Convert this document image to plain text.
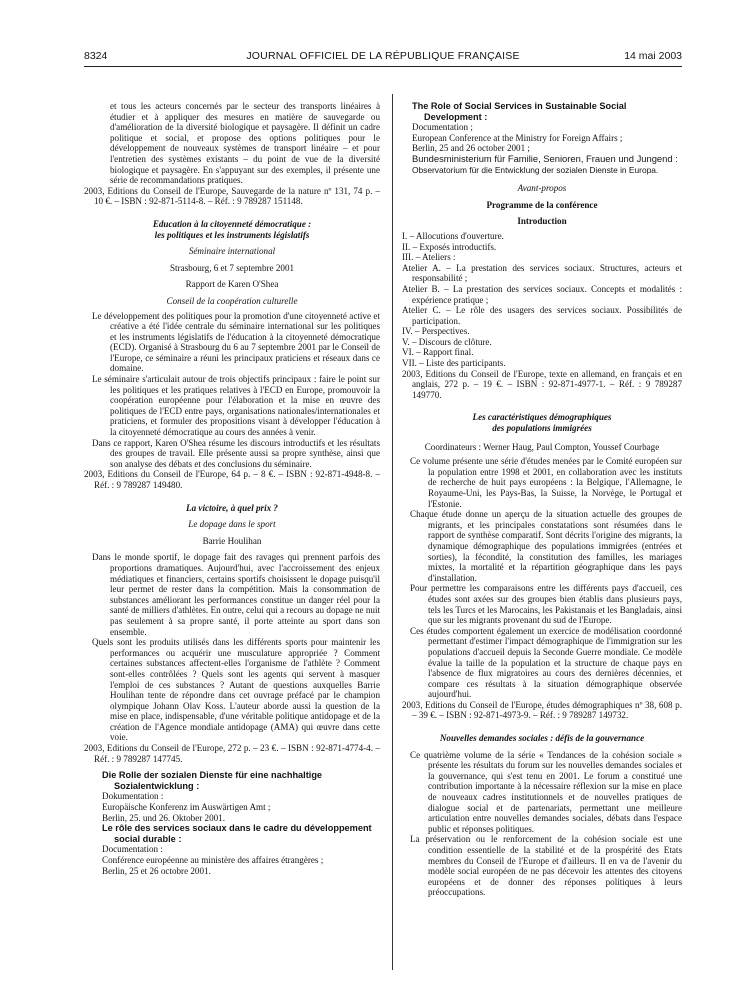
8324	JOURNAL OFFICIEL DE LA RÉPUBLIQUE FRANÇAISE	14 mai 2003

et tous les acteurs concernés par le secteur des transports linéaires à étudier et à appliquer des mesures en matière de sauvegarde ou d'amélioration de la diversité biologique et paysagère. Il définit un cadre politique et social, et propose des options politiques pour le développement de nouveaux systèmes de transport linéaire – et pour l'entretien des systèmes existants – du point de vue de la diversité biologique et paysagère. En s'appuyant sur des exemples, il présente une série de recommandations pratiques.

2003, Editions du Conseil de l'Europe, Sauvegarde de la nature nº 131, 74 p. – 10 €. – ISBN : 92-871-5114-8. – Réf. : 9 789287 151148.

Education à la citoyenneté démocratique :

les politiques et les instruments législatifs

Séminaire international

Strasbourg, 6 et 7 septembre 2001

Rapport de Karen O'Shea

Conseil de la coopération culturelle

Le développement des politiques pour la promotion d'une citoyenneté active et créative a été l'idée centrale du séminaire international sur les politiques et les instruments législatifs de l'éducation à la citoyenneté démocratique (ECD). Organisé à Strasbourg du 6 au 7 septembre 2001 par le Conseil de l'Europe, ce séminaire a réuni les principaux praticiens et réseaux dans ce domaine.

Le séminaire s'articulait autour de trois objectifs principaux : faire le point sur les politiques et les pratiques relatives à l'ECD en Europe, promouvoir la coopération européenne pour l'élaboration et la mise en œuvre des politiques de l'ECD entre pays, organisations nationales/internationales et praticiens, et formuler des propositions visant à développer l'éducation à la citoyenneté démocratique au cours des années à venir.

Dans ce rapport, Karen O'Shea résume les discours introductifs et les résultats des groupes de travail. Elle présente aussi sa propre synthèse, ainsi que son analyse des débats et des conclusions du séminaire.

2003, Editions du Conseil de l'Europe, 64 p. – 8 €. – ISBN : 92-871-4948-8. – Réf. : 9 789287 149480.

La victoire, à quel prix ?

Le dopage dans le sport

Barrie Houlihan

Dans le monde sportif, le dopage fait des ravages qui prennent parfois des proportions dramatiques. Aujourd'hui, avec l'accroissement des enjeux médiatiques et financiers, certains sportifs choisissent le dopage puisqu'il leur permet de rester dans la compétition. Mais la consommation de substances améliorant les performances constitue un danger réel pour la santé de milliers d'athlètes. En outre, celui qui a recours au dopage ne nuit pas seulement à sa propre santé, il porte atteinte au sport dans son ensemble.

Quels sont les produits utilisés dans les différents sports pour maintenir les performances ou acquérir une musculature appropriée ? Comment certaines substances affectent-elles l'organisme de l'athlète ? Comment sont-elles contrôlées ? Quels sont les agents qui servent à masquer l'emploi de ces substances ? Autant de questions auxquelles Barrie Houlihan tente de répondre dans cet ouvrage préfacé par le champion olympique Johann Olav Koss. L'auteur aborde aussi la question de la mise en place, indispensable, d'une véritable politique antidopage et de la création de l'Agence mondiale antidopage (AMA) qui œuvre dans cette voie.

2003, Editions du Conseil de l'Europe, 272 p. – 23 €. – ISBN : 92-871-4774-4. – Réf. : 9 789287 147745.

Die Rolle der sozialen Dienste für eine nachhaltige Sozialentwicklung :

Dokumentation :

Europäische Konferenz im Auswärtigen Amt ;

Berlin, 25. und 26. Oktober 2001.

Le rôle des services sociaux dans le cadre du développement social durable :

Documentation :

Conférence européenne au ministère des affaires étrangères ;

Berlin, 25 et 26 octobre 2001.

The Role of Social Services in Sustainable Social Development :

Documentation ;

European Conference at the Ministry for Foreign Affairs ;

Berlin, 25 and 26 october 2001 ;

Bundesministerium für Familie, Senioren, Frauen und Jungend :

Observatorium für die Entwicklung der sozialen Dienste in Europa.

Avant-propos

Programme de la conférence

Introduction

I. – Allocutions d'ouverture.

II. – Exposés introductifs.

III. – Ateliers :

Atelier A. – La prestation des services sociaux. Structures, acteurs et responsabilité ;

Atelier B. – La prestation des services sociaux. Concepts et modalités : expérience pratique ;

Atelier C. – Le rôle des usagers des services sociaux. Possibilités de participation.

IV. – Perspectives.

V. – Discours de clôture.

VI. – Rapport final.

VII. – Liste des participants.

2003, Editions du Conseil de l'Europe, texte en allemand, en français et en anglais, 272 p. – 19 €. – ISBN : 92-871-4977-1. – Réf. : 9 789287 149770.

Les caractéristiques démographiques

des populations immigrées

Coordinateurs : Werner Haug, Paul Compton, Youssef Courbage

Ce volume présente une série d'études menées par le Comité européen sur la population entre 1998 et 2001, en collaboration avec les instituts de recherche de huit pays européens : la Belgique, l'Allemagne, le Royaume-Uni, les Pays-Bas, la Suisse, la Norvège, le Portugal et l'Estonie.

Chaque étude donne un aperçu de la situation actuelle des groupes de migrants, et les principales constatations sont résumées dans le rapport de synthèse comparatif. Sont décrits l'origine des migrants, la dynamique démographique des populations immigrées (entrées et sorties), la fécondité, la constitution des familles, les mariages mixtes, la mortalité et la répartition géographique dans les pays d'installation.

Pour permettre les comparaisons entre les différents pays d'accueil, ces études sont axées sur des groupes bien établis dans plusieurs pays, tels les Turcs et les Marocains, les Pakistanais et les Bangladais, ainsi que sur les migrants provenant du sud de l'Europe.

Ces études comportent également un exercice de modélisation coordonné permettant d'estimer l'impact démographique de l'immigration sur les populations d'accueil depuis la Seconde Guerre mondiale. Ce modèle évalue la taille de la population et la structure de chaque pays en l'absence de flux migratoires au cours des dernières décennies, et compare ces résultats à la situation démographique observée aujourd'hui.

2003, Editions du Conseil de l'Europe, études démographiques nº 38, 608 p. – 39 €. – ISBN : 92-871-4973-9. – Réf. : 9 789287 149732.

Nouvelles demandes sociales : défis de la gouvernance

Ce quatrième volume de la série « Tendances de la cohésion sociale » présente les résultats du forum sur les nouvelles demandes sociales et la gouvernance, qui s'est tenu en 2001. Le forum a constitué une contribution importante à la nécessaire réflexion sur la mise en place de nouveaux cadres institutionnels et de nouvelles pratiques de dialogue social et de partenariats, permettant une meilleure articulation entre nouvelles demandes sociales, débats dans l'espace public et réponses politiques.

La préservation ou le renforcement de la cohésion sociale est une condition essentielle de la stabilité et de la prospérité des Etats membres du Conseil de l'Europe et d'ailleurs. Il en va de l'avenir du modèle social européen de ne pas décevoir les attentes des citoyens européens et de donner des réponses politiques à leurs préoccupations.
